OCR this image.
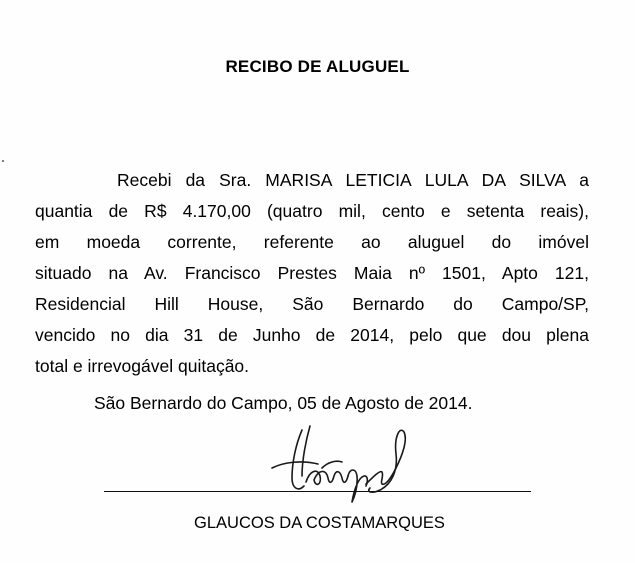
RECIBO DE ALUGUEL
Recebi da Sra. MARISA LETICIA LULA DA SILVA a
quantia de R$ 4.170,00 (quatro mil, cento e setenta reais),
em moeda corrente, referente ao aluguel do imóvel
situado na Av. Francisco Prestes Maia nº 1501, Apto 121,
Residencial Hill House, São Bernardo do Campo/SP,
vencido no dia 31 de Junho de 2014, pelo que dou plena
total e irrevogável quitação.
São Bernardo do Campo, 05 de Agosto de 2014.
GLAUCOS DA COSTAMARQUES
